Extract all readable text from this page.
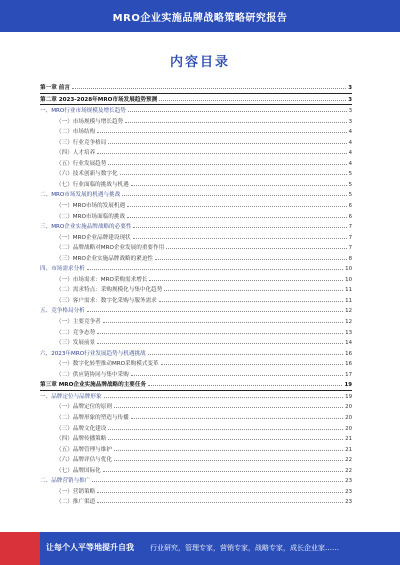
MRO企业实施品牌战略策略研究报告
内容目录
第一章 前言	3
第二章 2023-2028年MRO市场发展趋势预测	3
一、MRO行业市场规模及增长趋势	3
（一）市场规模与增长趋势	3
（二）市场结构	4
（三）行业竞争格局	4
（四）人才培养	4
（五）行业发展趋势	4
（六）技术创新与数字化	5
（七）行业面临的挑战与机遇	5
二、MRO市场发展的机遇与挑战	5
（一）MRO市场的发展机遇	6
（二）MRO市场面临的挑战	6
三、MRO企业实施品牌战略的必要性	7
（一）MRO企业品牌建设现状	7
（二）品牌战略对MRO企业发展的重要作用	7
（三）MRO企业实施品牌战略的紧迫性	8
四、市场需求分析	10
（一）市场需求：MRO采购需求增长	10
（二）需求特点：采购规模化与集中化趋势	11
（三）客户需求：数字化采购与服务需求	11
五、竞争格局分析	12
（一）主要竞争者	12
（二）竞争态势	13
（三）发展前景	14
六、2023年MRO行业发展趋势与机遇挑战	16
（一）数字化转型推动MRO采购模式变革	16
（二）供应链协同与集中采购	17
第三章 MRO企业实施品牌战略的主要任务	19
一、品牌定位与品牌形象	19
（一）品牌定位的原则	20
（二）品牌形象的塑造与传播	20
（三）品牌文化建设	20
（四）品牌传播策略	21
（五）品牌管理与维护	21
（六）品牌评估与优化	22
（七）品牌国际化	22
二、品牌营销与推广	23
（一）营销策略	23
（二）推广渠道	23
让每个人平等地提升自我 行业研究，管理专家，营销专家，战略专家，成长企业家……
